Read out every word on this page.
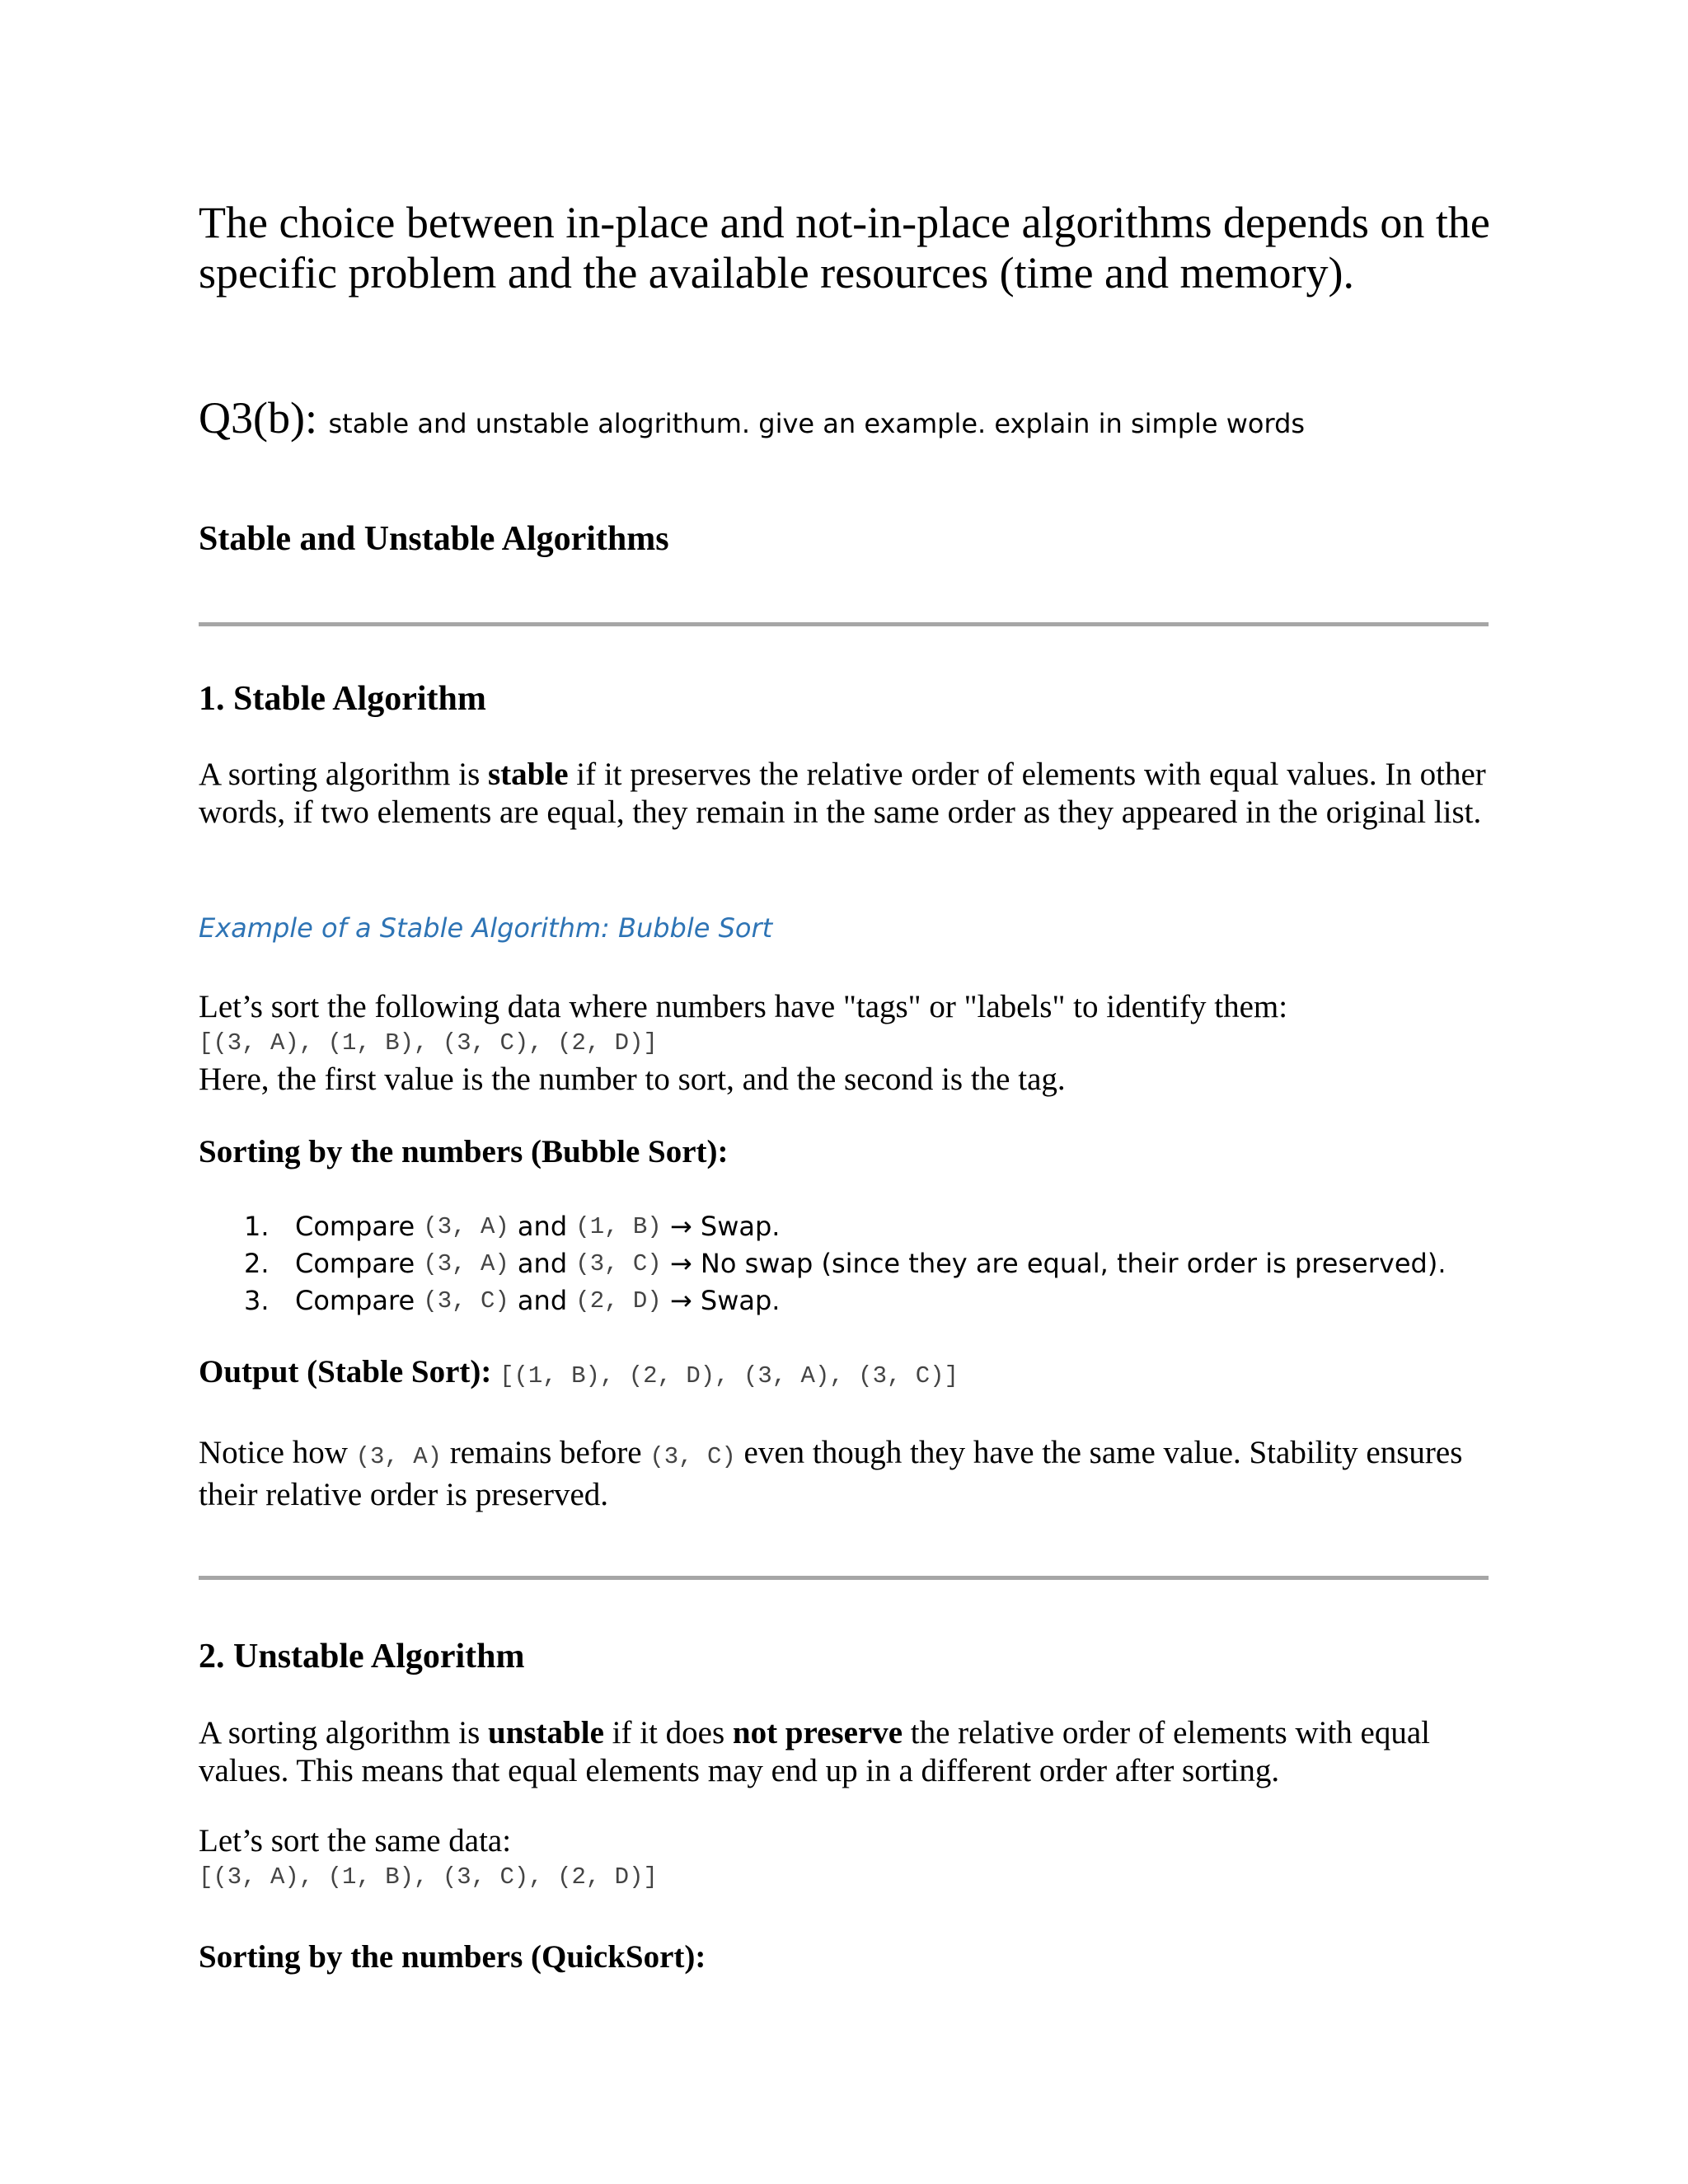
The choice between in-place and not-in-place algorithms depends on the specific problem and the available resources (time and memory).

Q3(b): stable and unstable alogrithum. give an example. explain in simple words

Stable and Unstable Algorithms

1. Stable Algorithm

A sorting algorithm is stable if it preserves the relative order of elements with equal values. In other words, if two elements are equal, they remain in the same order as they appeared in the original list.

Example of a Stable Algorithm: Bubble Sort

Let’s sort the following data where numbers have "tags" or "labels" to identify them:
[(3, A), (1, B), (3, C), (2, D)]
Here, the first value is the number to sort, and the second is the tag.

Sorting by the numbers (Bubble Sort):

1. Compare (3, A) and (1, B) → Swap.
2. Compare (3, A) and (3, C) → No swap (since they are equal, their order is preserved).
3. Compare (3, C) and (2, D) → Swap.

Output (Stable Sort): [(1, B), (2, D), (3, A), (3, C)]

Notice how (3, A) remains before (3, C) even though they have the same value. Stability ensures their relative order is preserved.

2. Unstable Algorithm

A sorting algorithm is unstable if it does not preserve the relative order of elements with equal values. This means that equal elements may end up in a different order after sorting.

Let’s sort the same data:
[(3, A), (1, B), (3, C), (2, D)]

Sorting by the numbers (QuickSort):
